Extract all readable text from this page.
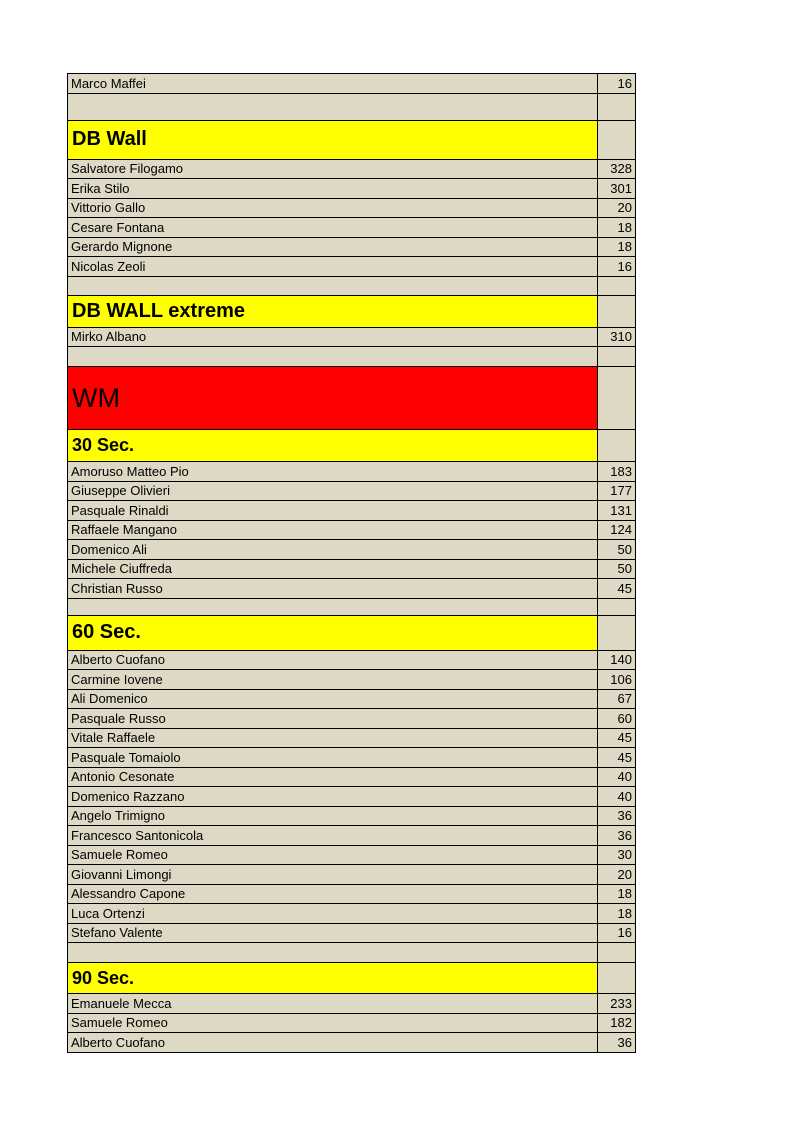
Marco Maffei	16

DB Wall	
Salvatore Filogamo	328
Erika Stilo	301
Vittorio Gallo	20
Cesare Fontana	18
Gerardo Mignone	18
Nicolas Zeoli	16

DB WALL extreme	
Mirko Albano	310

WM	
30 Sec.	
Amoruso Matteo Pio	183
Giuseppe Olivieri	177
Pasquale Rinaldi	131
Raffaele Mangano	124
Domenico Ali	50
Michele Ciuffreda	50
Christian Russo	45

60 Sec.	
Alberto Cuofano	140
Carmine Iovene	106
Ali Domenico	67
Pasquale Russo	60
Vitale Raffaele	45
Pasquale Tomaiolo	45
Antonio Cesonate	40
Domenico Razzano	40
Angelo Trimigno	36
Francesco Santonicola	36
Samuele Romeo	30
Giovanni Limongi	20
Alessandro Capone	18
Luca Ortenzi	18
Stefano Valente	16

90 Sec.	
Emanuele Mecca	233
Samuele Romeo	182
Alberto Cuofano	36
